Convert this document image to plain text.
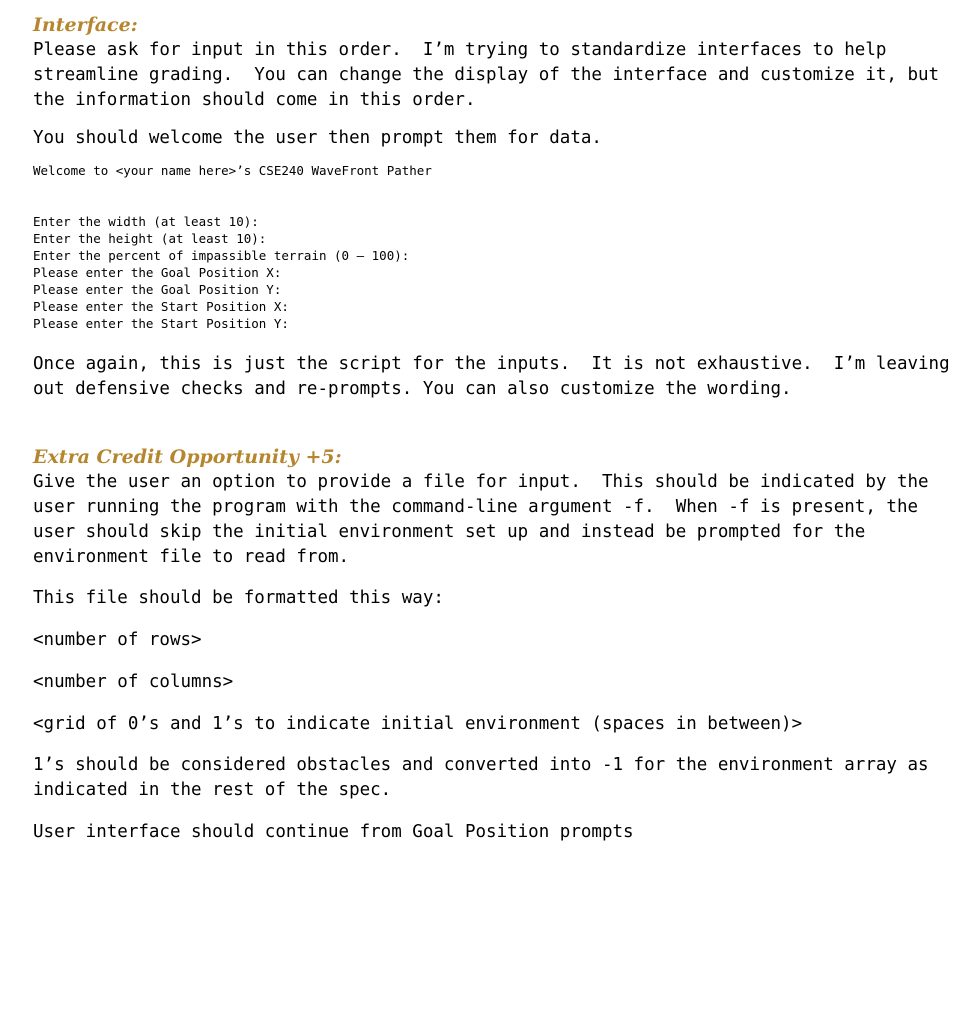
Interface:

Please ask for input in this order.  I’m trying to standardize interfaces to help streamline grading.  You can change the display of the interface and customize it, but the information should come in this order.

You should welcome the user then prompt them for data.

Welcome to <your name here>’s CSE240 WaveFront Pather

Enter the width (at least 10):
Enter the height (at least 10):
Enter the percent of impassible terrain (0 – 100):
Please enter the Goal Position X:
Please enter the Goal Position Y:
Please enter the Start Position X:
Please enter the Start Position Y:

Once again, this is just the script for the inputs.  It is not exhaustive.  I’m leaving out defensive checks and re-prompts. You can also customize the wording.

Extra Credit Opportunity +5:

Give the user an option to provide a file for input.  This should be indicated by the user running the program with the command-line argument -f.  When -f is present, the user should skip the initial environment set up and instead be prompted for the environment file to read from.

This file should be formatted this way:

<number of rows>

<number of columns>

<grid of 0’s and 1’s to indicate initial environment (spaces in between)>

1’s should be considered obstacles and converted into -1 for the environment array as indicated in the rest of the spec.

User interface should continue from Goal Position prompts
